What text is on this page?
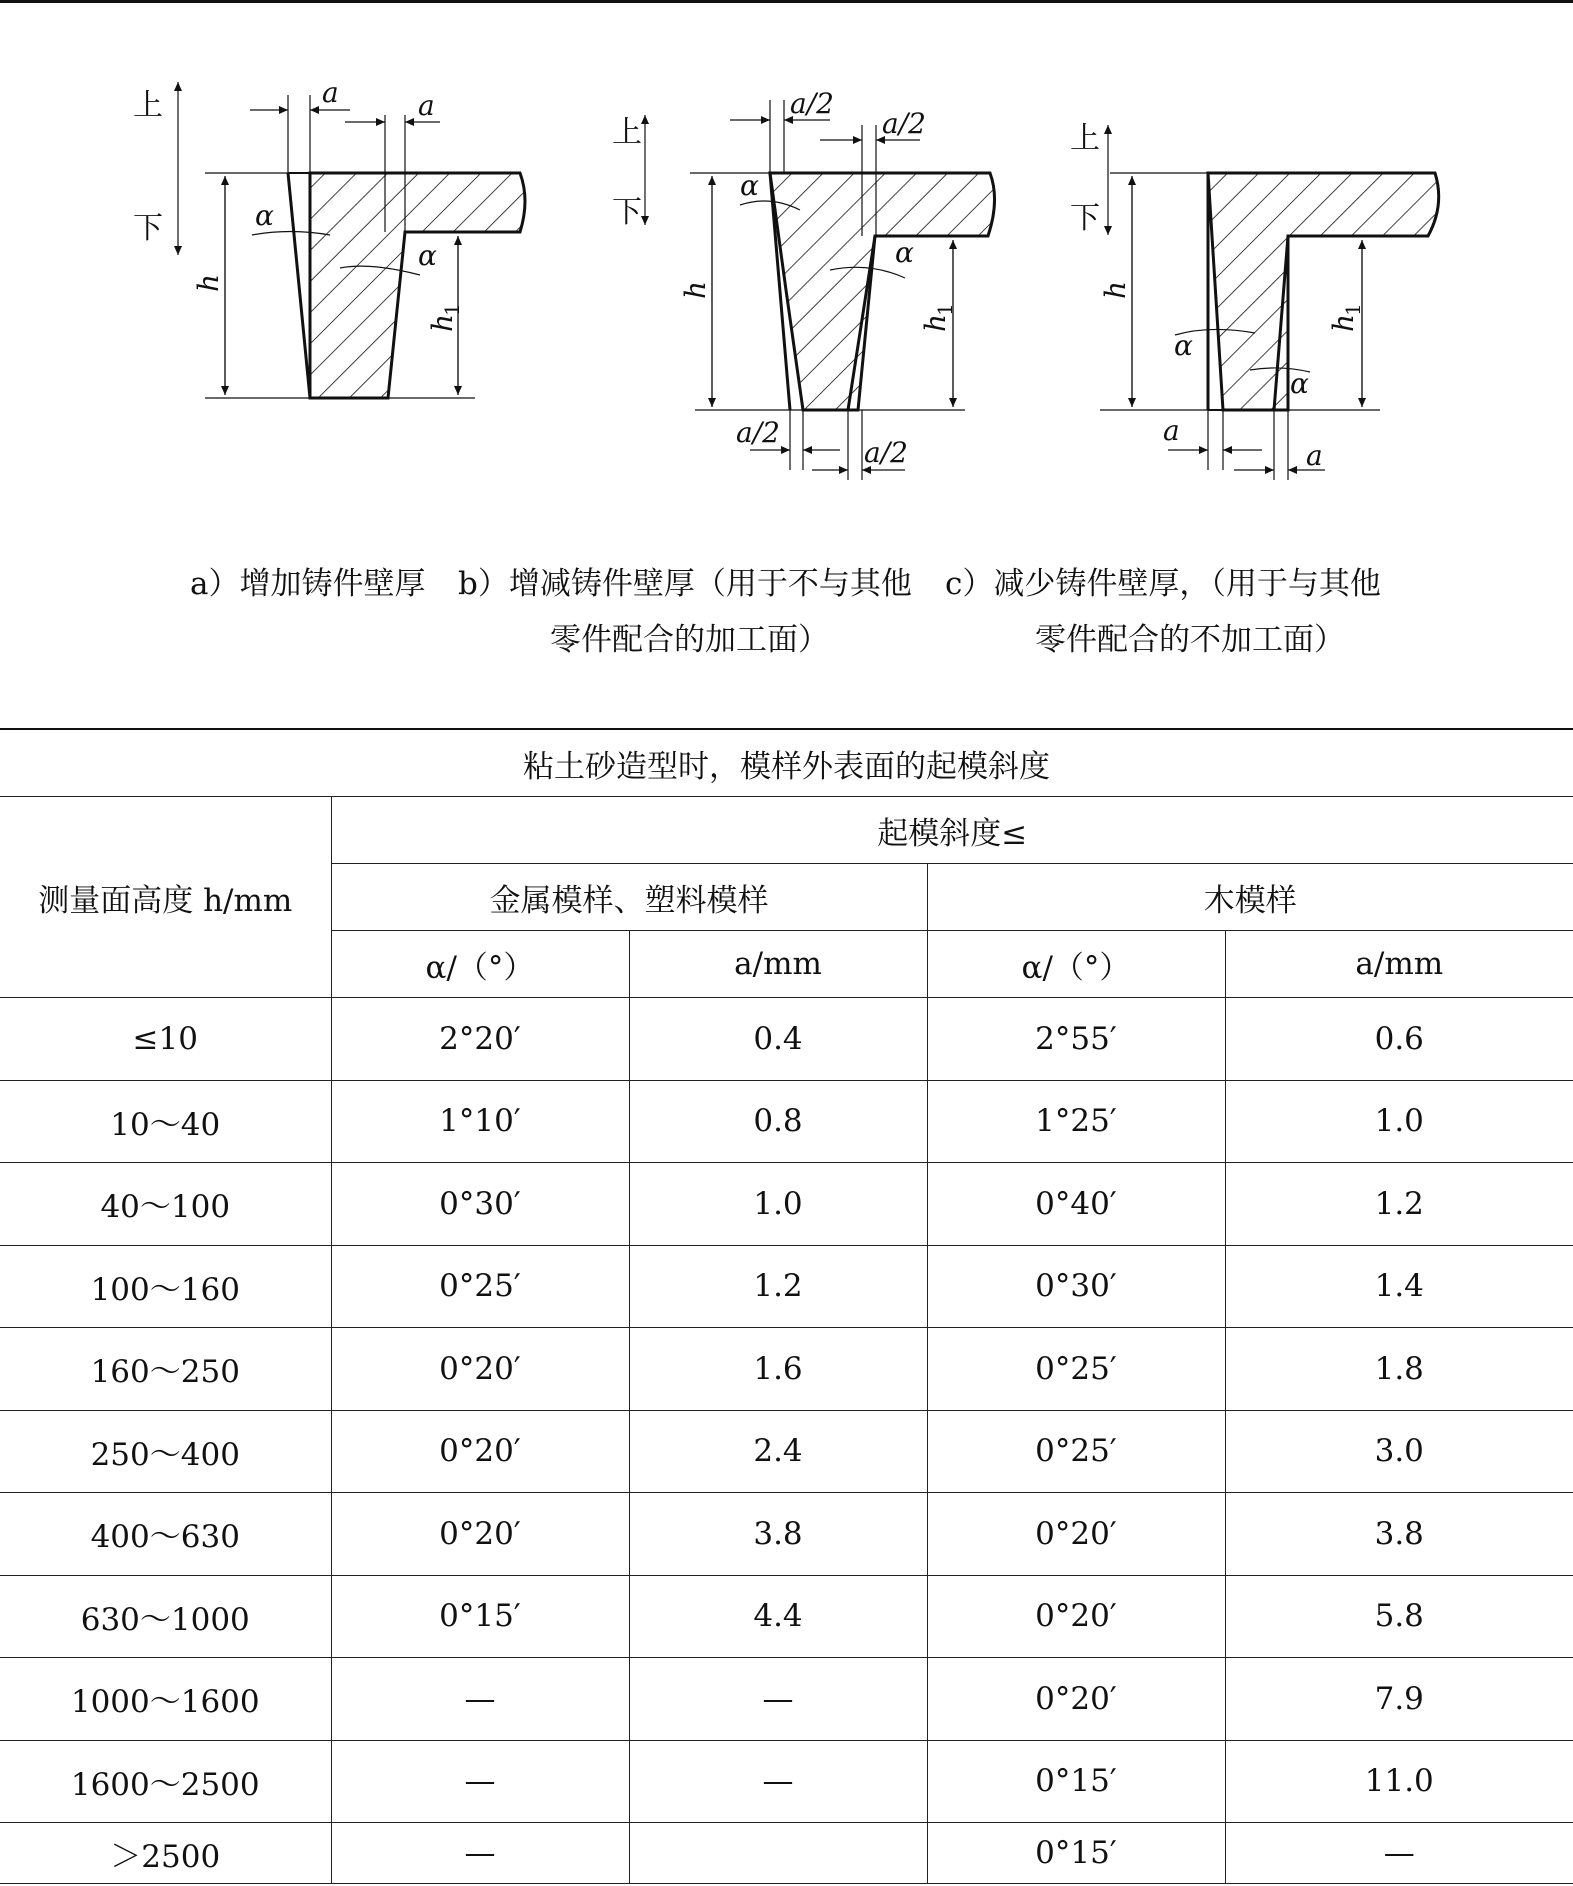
上
下
a	a
α
α
h
h
1
上
下
a/2
a/2
α
α
h
h
1
a/2
a/2
上
下
h
h
1
α
α
a
a
a）增加铸件壁厚 b）增减铸件壁厚（用于不与其他
零件配合的加工面）
c）减少铸件壁厚，（用于与其他
零件配合的不加工面）
粘土砂造型时，模样外表面的起模斜度				
测量面高度 h/mm	起模斜度≤			
	金属模样、塑料模样		木模样	
	α/（°）	a/mm	α/（°）	a/mm
≤10	2°20′	0.4	2°55′	0.6
10～40	1°10′	0.8	1°25′	1.0
40～100	0°30′	1.0	0°40′	1.2
100～160	0°25′	1.2	0°30′	1.4
160～250	0°20′	1.6	0°25′	1.8
250～400	0°20′	2.4	0°25′	3.0
400～630	0°20′	3.8	0°20′	3.8
630～1000	0°15′	4.4	0°20′	5.8
1000～1600	—	—	0°20′	7.9
1600～2500	—	—	0°15′	11.0
＞2500	—		0°15′	—
